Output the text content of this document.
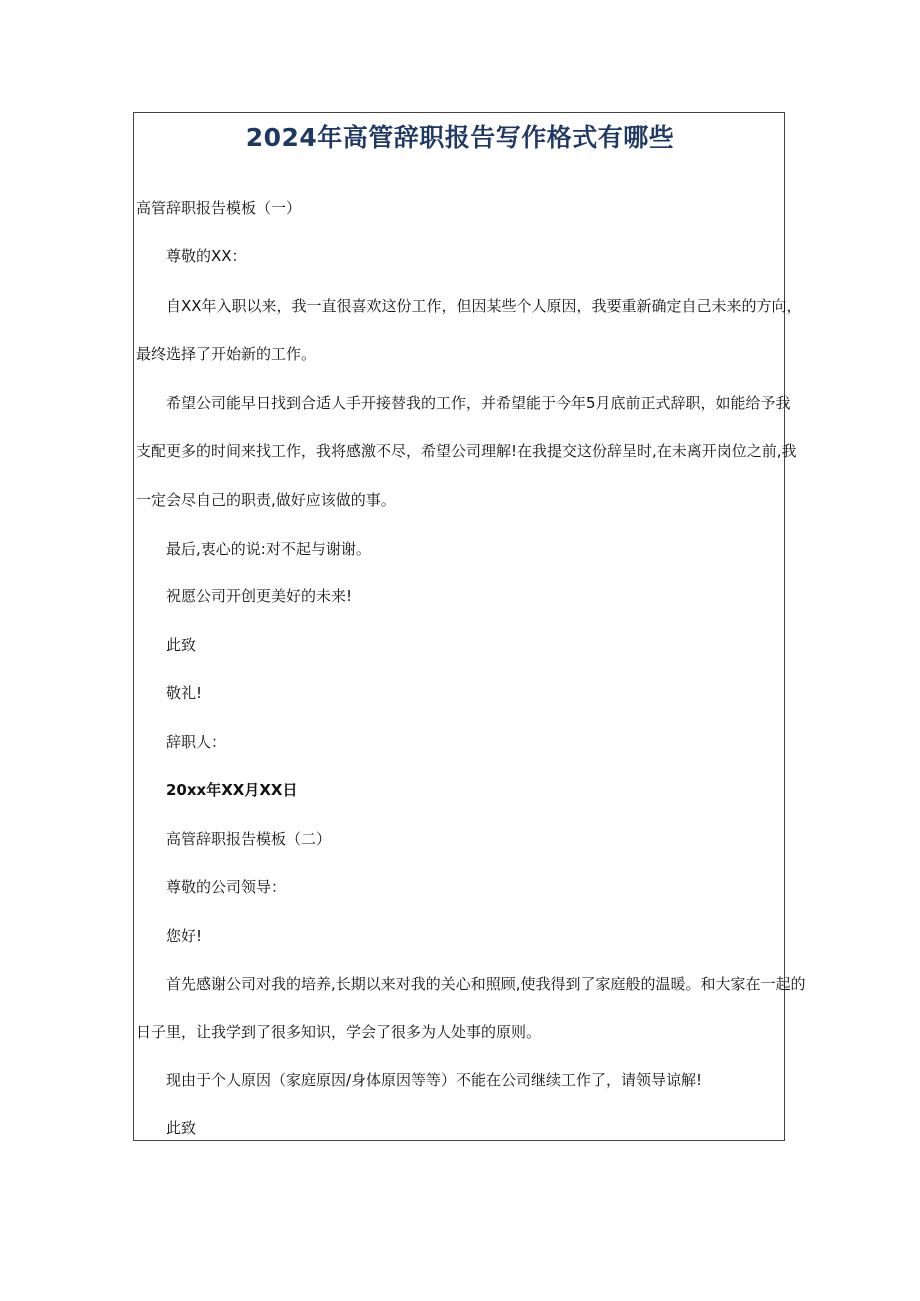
2024年高管辞职报告写作格式有哪些

高管辞职报告模板（一）

尊敬的XX：

自XX年入职以来，我一直很喜欢这份工作，但因某些个人原因，我要重新确定自己未来的方向，

最终选择了开始新的工作。

希望公司能早日找到合适人手开接替我的工作，并希望能于今年5月底前正式辞职，如能给予我

支配更多的时间来找工作，我将感激不尽，希望公司理解!在我提交这份辞呈时,在未离开岗位之前,我

一定会尽自己的职责,做好应该做的事。

最后,衷心的说:对不起与谢谢。

祝愿公司开创更美好的未来!

此致

敬礼!

辞职人：

20xx年XX月XX日

高管辞职报告模板（二）

尊敬的公司领导：

您好!

首先感谢公司对我的培养,长期以来对我的关心和照顾,使我得到了家庭般的温暖。和大家在一起的

日子里，让我学到了很多知识，学会了很多为人处事的原则。

现由于个人原因（家庭原因/身体原因等等）不能在公司继续工作了，请领导谅解!

此致
